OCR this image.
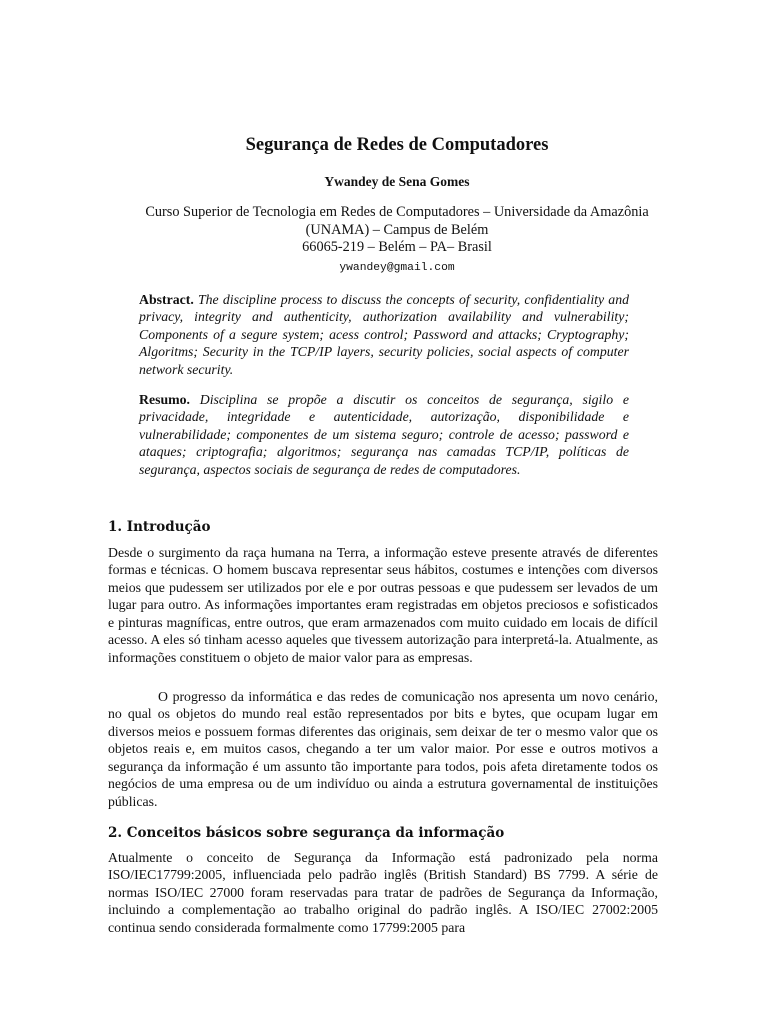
Segurança de Redes de Computadores
Ywandey de Sena Gomes
Curso Superior de Tecnologia em Redes de Computadores – Universidade da Amazônia
(UNAMA) – Campus de Belém
66065-219 – Belém – PA– Brasil
ywandey@gmail.com
Abstract. The discipline process to discuss the concepts of security, confidentiality and privacy, integrity and authenticity, authorization availability and vulnerability; Components of a segure system; acess control; Password and attacks; Cryptography; Algoritms; Security in the TCP/IP layers, security policies, social aspects of computer network security.
Resumo. Disciplina se propõe a discutir os conceitos de segurança, sigilo e privacidade, integridade e autenticidade, autorização, disponibilidade e vulnerabilidade; componentes de um sistema seguro; controle de acesso; password e ataques; criptografia; algoritmos; segurança nas camadas TCP/IP, políticas de segurança, aspectos sociais de segurança de redes de computadores.
1. Introdução
Desde o surgimento da raça humana na Terra, a informação esteve presente através de diferentes formas e técnicas. O homem buscava representar seus hábitos, costumes e intenções com diversos meios que pudessem ser utilizados por ele e por outras pessoas e que pudessem ser levados de um lugar para outro. As informações importantes eram registradas em objetos preciosos e sofisticados e pinturas magníficas, entre outros, que eram armazenados com muito cuidado em locais de difícil acesso. A eles só tinham acesso aqueles que tivessem autorização para interpretá-la. Atualmente, as informações constituem o objeto de maior valor para as empresas.
O progresso da informática e das redes de comunicação nos apresenta um novo cenário, no qual os objetos do mundo real estão representados por bits e bytes, que ocupam lugar em diversos meios e possuem formas diferentes das originais, sem deixar de ter o mesmo valor que os objetos reais e, em muitos casos, chegando a ter um valor maior. Por esse e outros motivos a segurança da informação é um assunto tão importante para todos, pois afeta diretamente todos os negócios de uma empresa ou de um indivíduo ou ainda a estrutura governamental de instituições públicas.
2. Conceitos básicos sobre segurança da informação
Atualmente o conceito de Segurança da Informação está padronizado pela norma ISO/IEC17799:2005, influenciada pelo padrão inglês (British Standard) BS 7799. A série de normas ISO/IEC 27000 foram reservadas para tratar de padrões de Segurança da Informação, incluindo a complementação ao trabalho original do padrão inglês. A ISO/IEC 27002:2005 continua sendo considerada formalmente como 17799:2005 para
